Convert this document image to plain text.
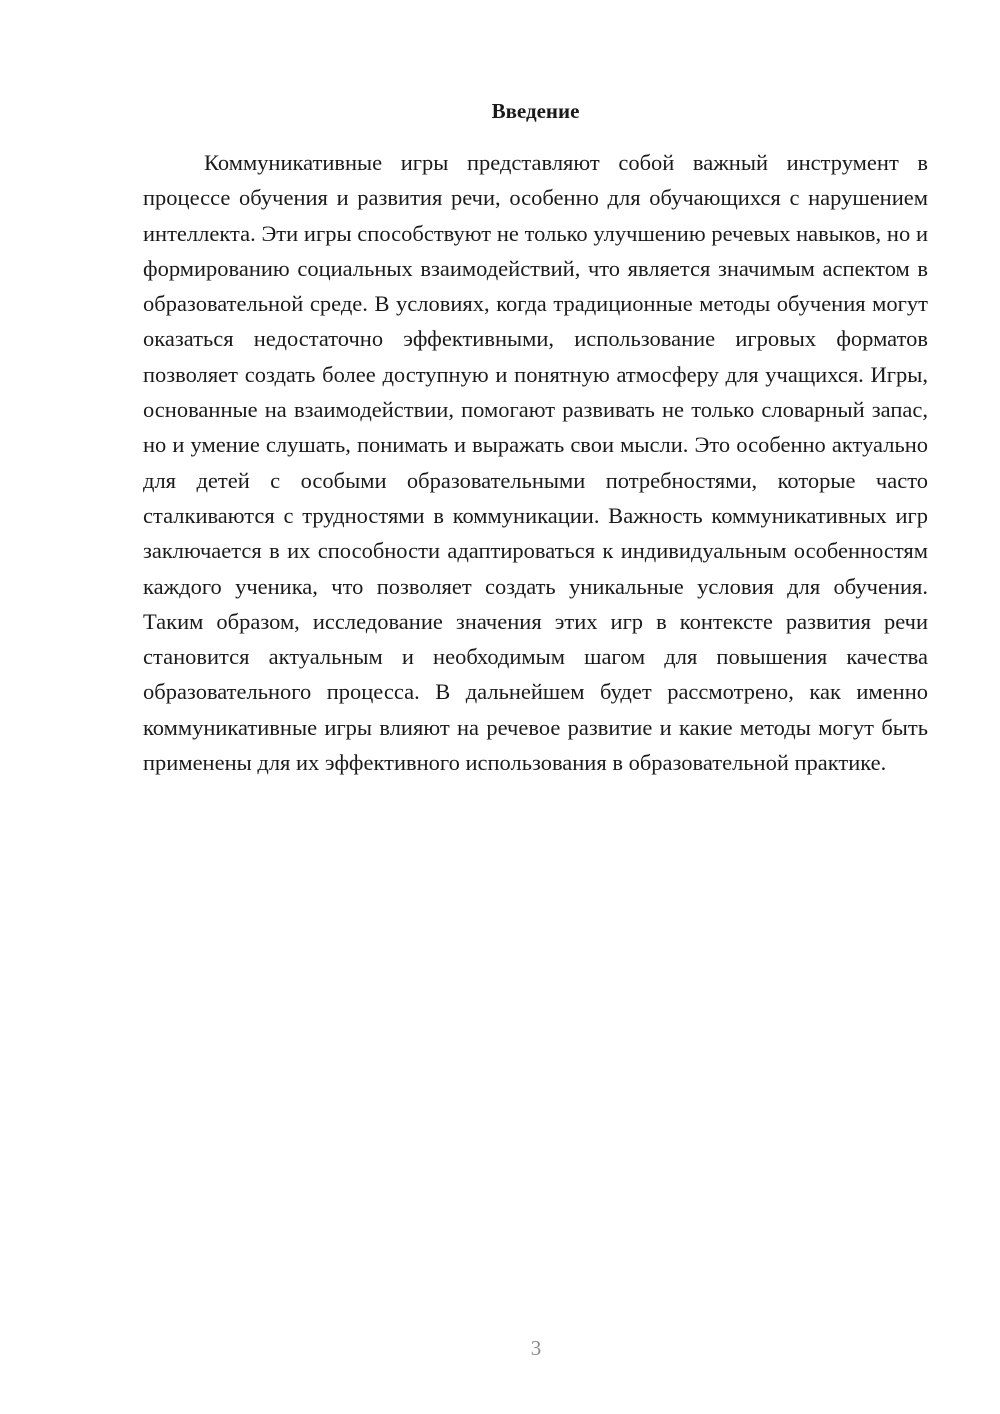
Введение

Коммуникативные игры представляют собой важный инструмент в процессе обучения и развития речи, особенно для обучающихся с нарушением интеллекта. Эти игры способствуют не только улучшению речевых навыков, но и формированию социальных взаимодействий, что является значимым аспектом в образовательной среде. В условиях, когда традиционные методы обучения могут оказаться недостаточно эффективными, использование игровых форматов позволяет создать более доступную и понятную атмосферу для учащихся. Игры, основанные на взаимодействии, помогают развивать не только словарный запас, но и умение слушать, понимать и выражать свои мысли. Это особенно актуально для детей с особыми образовательными потребностями, которые часто сталкиваются с трудностями в коммуникации. Важность коммуникативных игр заключается в их способности адаптироваться к индивидуальным особенностям каждого ученика, что позволяет создать уникальные условия для обучения. Таким образом, исследование значения этих игр в контексте развития речи становится актуальным и необходимым шагом для повышения качества образовательного процесса. В дальнейшем будет рассмотрено, как именно коммуникативные игры влияют на речевое развитие и какие методы могут быть применены для их эффективного использования в образовательной практике.

3
